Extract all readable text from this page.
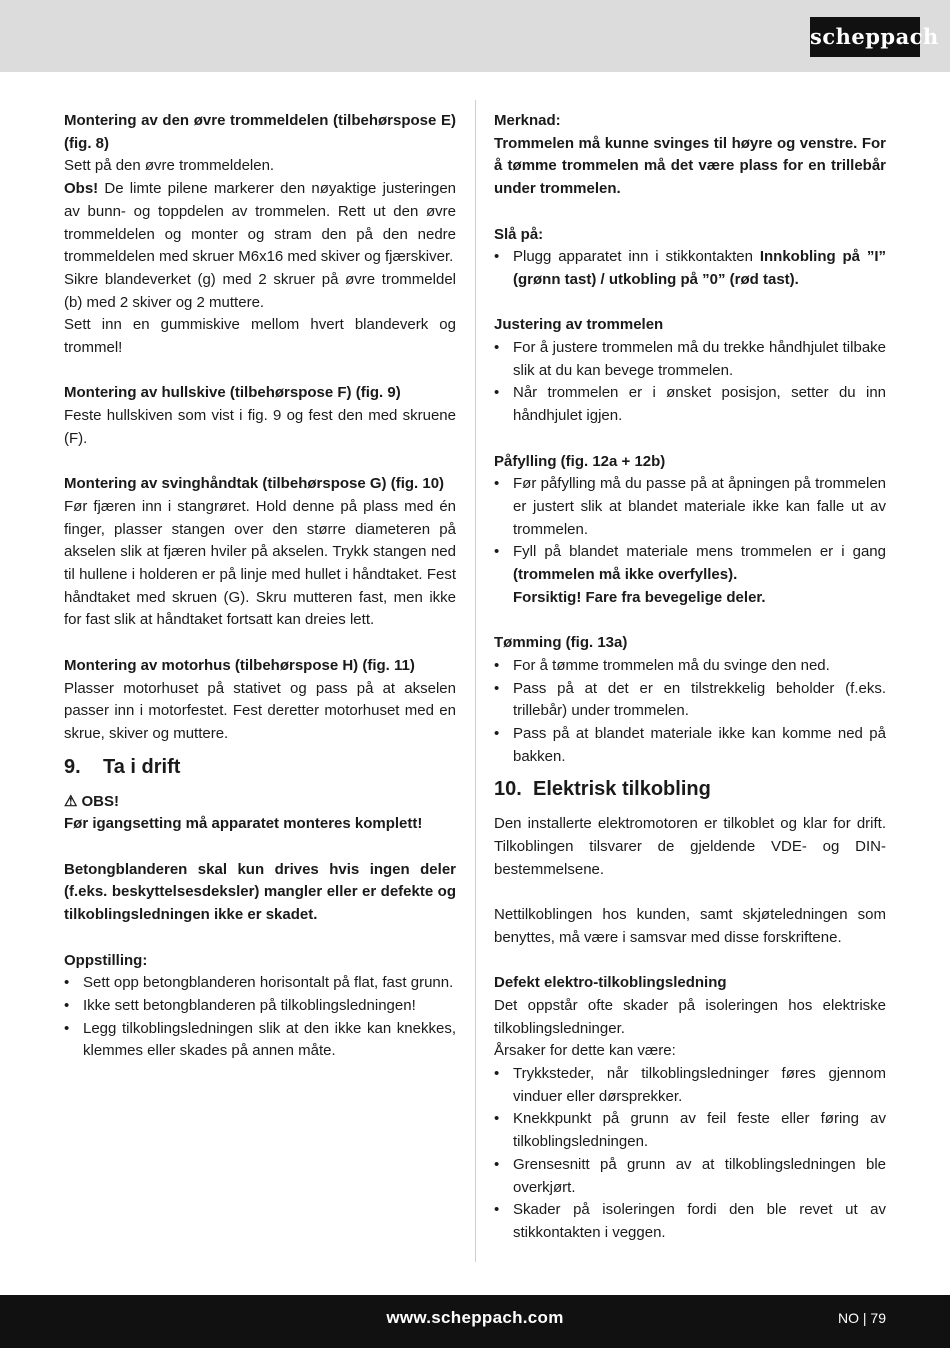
scheppach

Montering av den øvre trommeldelen (tilbehørspose E) (fig. 8)

Sett på den øvre trommeldelen.

Obs! De limte pilene markerer den nøyaktige justeringen av bunn- og toppdelen av trommelen. Rett ut den øvre trommeldelen og monter og stram den på den nedre trommeldelen med skruer M6x16 med skiver og fjærskiver.

Sikre blandeverket (g) med 2 skruer på øvre trommeldel (b) med 2 skiver og 2 muttere.

Sett inn en gummiskive mellom hvert blandeverk og trommel!

Montering av hullskive (tilbehørspose F) (fig. 9)

Feste hullskiven som vist i fig. 9 og fest den med skruene (F).

Montering av svinghåndtak (tilbehørspose G) (fig. 10)

Før fjæren inn i stangrøret. Hold denne på plass med én finger, plasser stangen over den større diameteren på akselen slik at fjæren hviler på akselen. Trykk stangen ned til hullene i holderen er på linje med hullet i håndtaket. Fest håndtaket med skruen (G). Skru mutteren fast, men ikke for fast slik at håndtaket fortsatt kan dreies lett.

Montering av motorhus (tilbehørspose H) (fig. 11)

Plasser motorhuset på stativet og pass på at akselen passer inn i motorfestet. Fest deretter motorhuset med en skrue, skiver og muttere.

9. Ta i drift

⚠ OBS!

Før igangsetting må apparatet monteres komplett!

Betongblanderen skal kun drives hvis ingen deler (f.eks. beskyttelsesdeksler) mangler eller er defekte og tilkoblingsledningen ikke er skadet.

Oppstilling:

• Sett opp betongblanderen horisontalt på flat, fast grunn.
• Ikke sett betongblanderen på tilkoblingsledningen!
• Legg tilkoblingsledningen slik at den ikke kan knekkes, klemmes eller skades på annen måte.

Merknad:

Trommelen må kunne svinges til høyre og venstre. For å tømme trommelen må det være plass for en trillebår under trommelen.

Slå på:

• Plugg apparatet inn i stikkontakten Innkobling på ”I” (grønn tast) / utkobling på ”0” (rød tast).

Justering av trommelen

• For å justere trommelen må du trekke håndhjulet tilbake slik at du kan bevege trommelen.
• Når trommelen er i ønsket posisjon, setter du inn håndhjulet igjen.

Påfylling (fig. 12a + 12b)

• Før påfylling må du passe på at åpningen på trommelen er justert slik at blandet materiale ikke kan falle ut av trommelen.
• Fyll på blandet materiale mens trommelen er i gang (trommelen må ikke overfylles).
Forsiktig! Fare fra bevegelige deler.

Tømming (fig. 13a)

• For å tømme trommelen må du svinge den ned.
• Pass på at det er en tilstrekkelig beholder (f.eks. trillebår) under trommelen.
• Pass på at blandet materiale ikke kan komme ned på bakken.
10. Elektrisk tilkobling

Den installerte elektromotoren er tilkoblet og klar for drift. Tilkoblingen tilsvarer de gjeldende VDE- og DIN-bestemmelsene.

Nettilkoblingen hos kunden, samt skjøteledningen som benyttes, må være i samsvar med disse forskriftene.

Defekt elektro-tilkoblingsledning

Det oppstår ofte skader på isoleringen hos elektriske tilkoblingsledninger.

Årsaker for dette kan være:

• Trykksteder, når tilkoblingsledninger føres gjennom vinduer eller dørsprekker.
• Knekkpunkt på grunn av feil feste eller føring av tilkoblingsledningen.
• Grensesnitt på grunn av at tilkoblingsledningen ble overkjørt.
• Skader på isoleringen fordi den ble revet ut av stikkontakten i veggen.
www.scheppach.com	NO | 79
